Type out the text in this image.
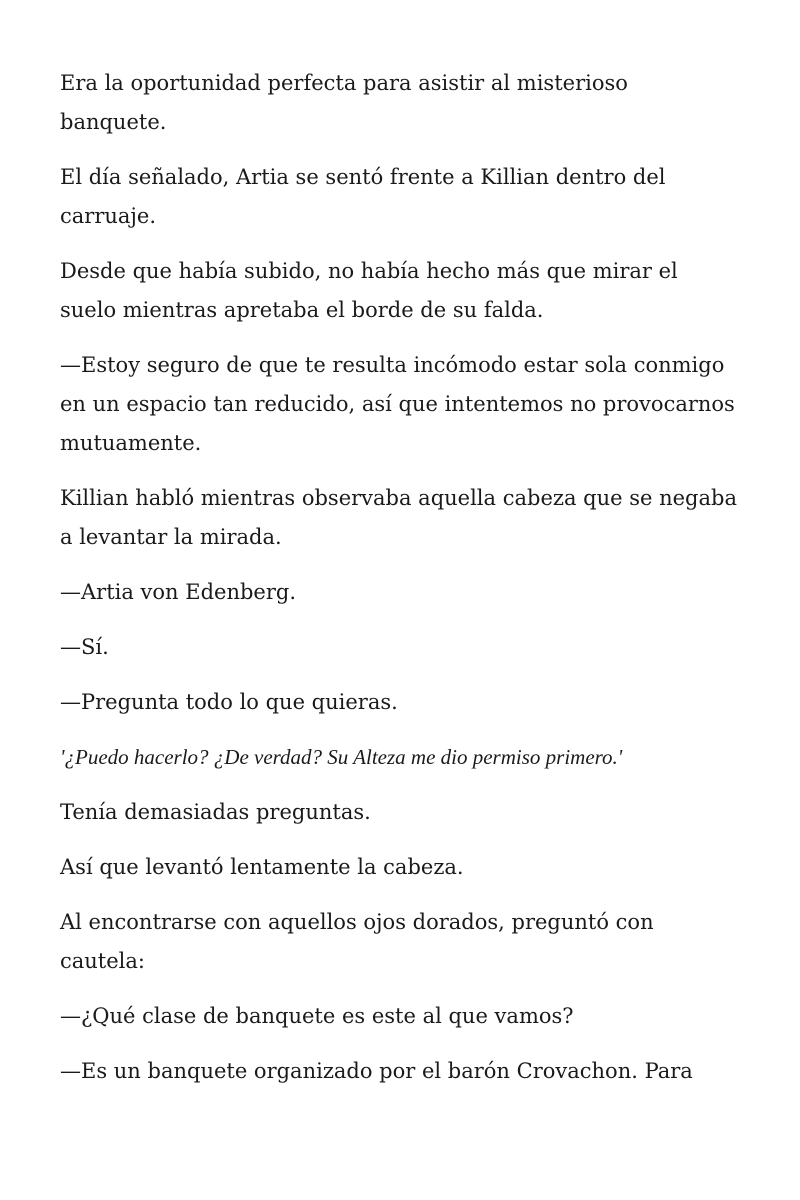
Era la oportunidad perfecta para asistir al misterioso banquete.

El día señalado, Artia se sentó frente a Killian dentro del carruaje.

Desde que había subido, no había hecho más que mirar el suelo mientras apretaba el borde de su falda.

—Estoy seguro de que te resulta incómodo estar sola conmigo en un espacio tan reducido, así que intentemos no provocarnos mutuamente.

Killian habló mientras observaba aquella cabeza que se negaba a levantar la mirada.

—Artia von Edenberg.

—Sí.

—Pregunta todo lo que quieras.

'¿Puedo hacerlo? ¿De verdad? Su Alteza me dio permiso primero.'

Tenía demasiadas preguntas.

Así que levantó lentamente la cabeza.

Al encontrarse con aquellos ojos dorados, preguntó con cautela:

—¿Qué clase de banquete es este al que vamos?

—Es un banquete organizado por el barón Crovachon. Para
